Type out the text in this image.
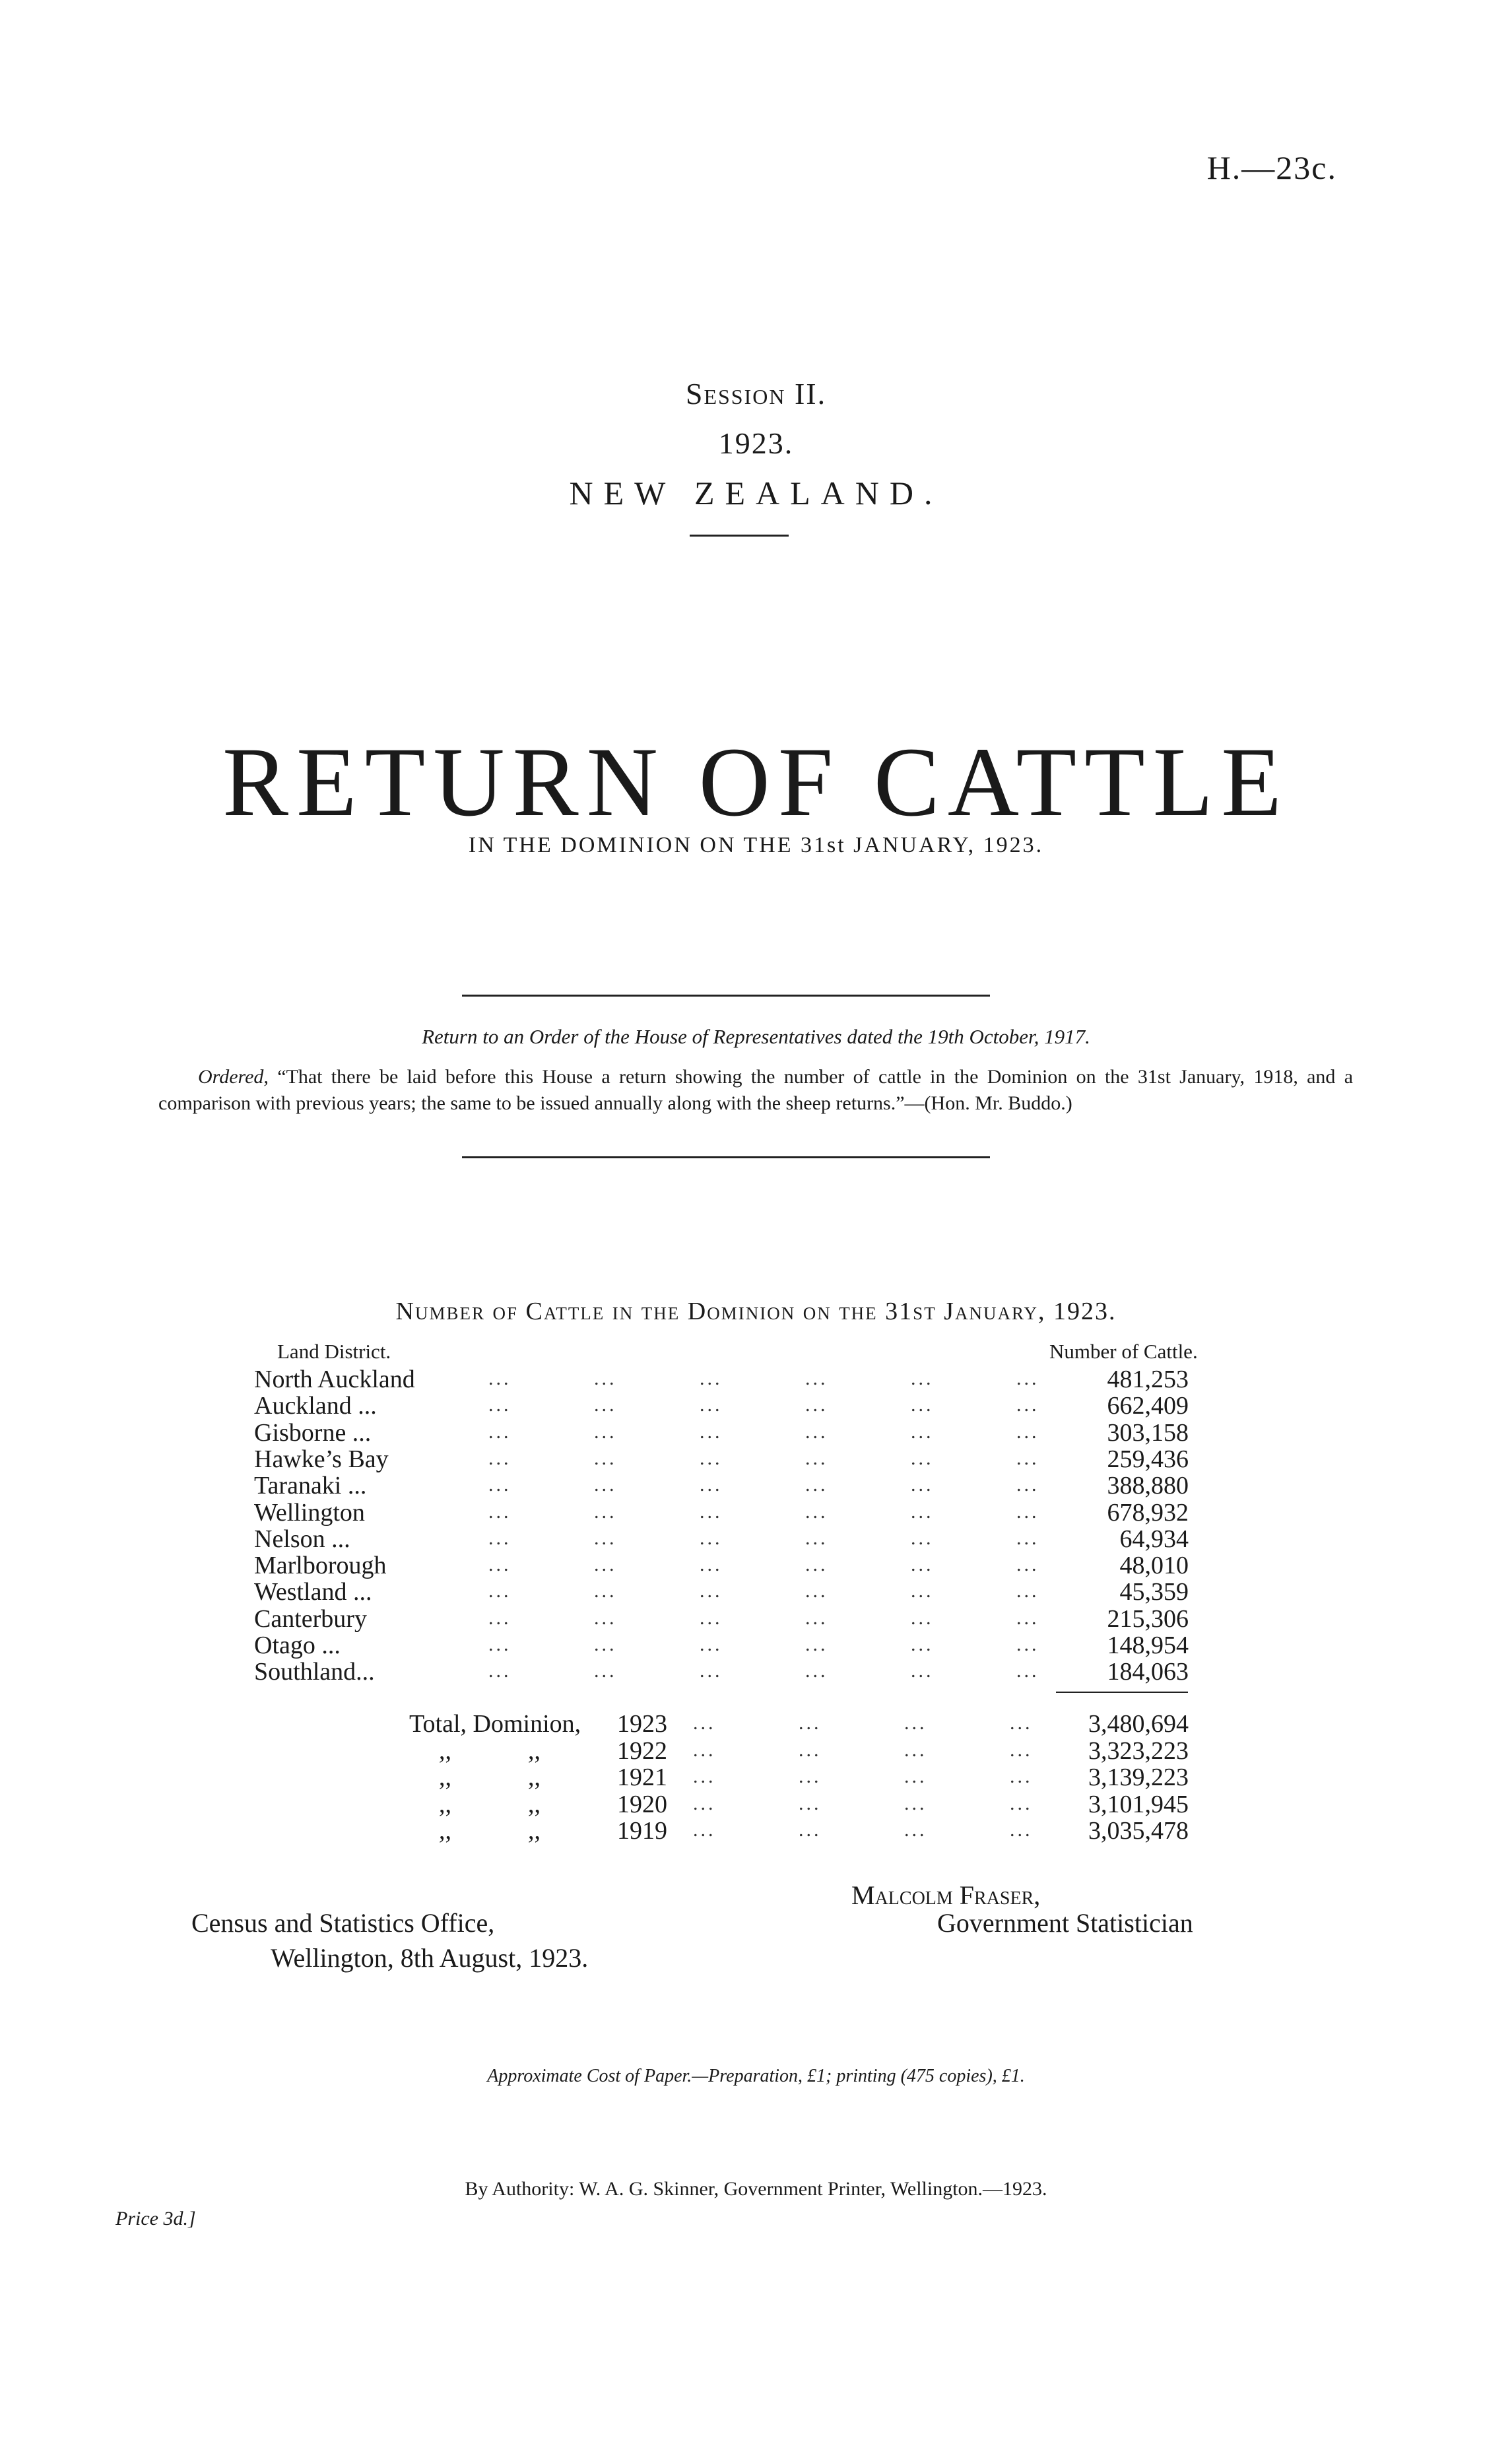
H.—23c.
Session II.
1923.
NEW ZEALAND.
RETURN OF CATTLE
IN THE DOMINION ON THE 31st JANUARY, 1923.
Return to an Order of the House of Representatives dated the 19th October, 1917.
Ordered, “That there be laid before this House a return showing the number of cattle in the Dominion on the 31st January, 1918, and a comparison with previous years; the same to be issued annually along with the sheep returns.”—(Hon. Mr. Buddo.)
Number of Cattle in the Dominion on the 31st January, 1923.
Land District.	Number of Cattle.
North Auckland	...	...	...	...	...	...	481,253
Auckland ...	...	...	...	...	...	...	662,409
Gisborne ...	...	...	...	...	...	...	303,158
Hawke’s Bay	...	...	...	...	...	...	259,436
Taranaki ...	...	...	...	...	...	...	388,880
Wellington	...	...	...	...	...	...	678,932
Nelson ...	...	...	...	...	...	...	64,934
Marlborough	...	...	...	...	...	...	48,010
Westland ...	...	...	...	...	...	...	45,359
Canterbury	...	...	...	...	...	...	215,306
Otago ...	...	...	...	...	...	...	148,954
Southland...	...	...	...	...	...	...	184,063
Total, Dominion, 1923 ...	...	...	...	3,480,694
,,	,,	1922 ...	...	...	...	3,323,223
,,	,,	1921 ...	...	...	...	3,139,223
,,	,,	1920 ...	...	...	...	3,101,945
,,	,,	1919 ...	...	...	...	3,035,478
Malcolm Fraser,
Government Statistician
Census and Statistics Office,
Wellington, 8th August, 1923.
Approximate Cost of Paper.—Preparation, £1; printing (475 copies), £1.
By Authority: W. A. G. Skinner, Government Printer, Wellington.—1923.
Price 3d.]
